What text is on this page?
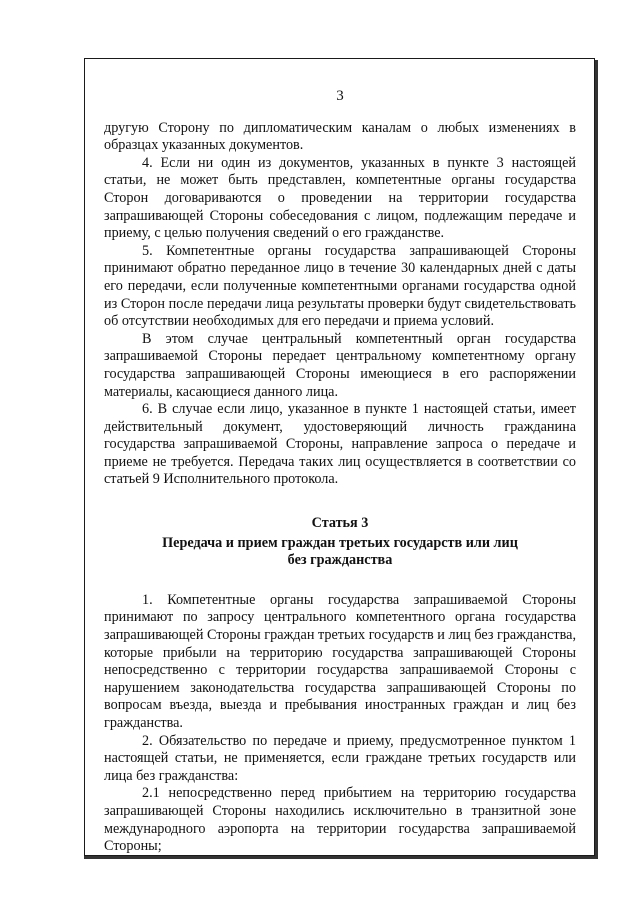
3

другую Сторону по дипломатическим каналам о любых изменениях в образцах указанных документов.

4. Если ни один из документов, указанных в пункте 3 настоящей статьи, не может быть представлен, компетентные органы государства Сторон договариваются о проведении на территории государства запрашивающей Стороны собеседования с лицом, подлежащим передаче и приему, с целью получения сведений о его гражданстве.

5. Компетентные органы государства запрашивающей Стороны принимают обратно переданное лицо в течение 30 календарных дней с даты его передачи, если полученные компетентными органами государства одной из Сторон после передачи лица результаты проверки будут свидетельствовать об отсутствии необходимых для его передачи и приема условий.

В этом случае центральный компетентный орган государства запрашиваемой Стороны передает центральному компетентному органу государства запрашивающей Стороны имеющиеся в его распоряжении материалы, касающиеся данного лица.

6. В случае если лицо, указанное в пункте 1 настоящей статьи, имеет действительный документ, удостоверяющий личность гражданина государства запрашиваемой Стороны, направление запроса о передаче и приеме не требуется. Передача таких лиц осуществляется в соответствии со статьей 9 Исполнительного протокола.

Статья 3
Передача и прием граждан третьих государств или лиц без гражданства

1. Компетентные органы государства запрашиваемой Стороны принимают по запросу центрального компетентного органа государства запрашивающей Стороны граждан третьих государств и лиц без гражданства, которые прибыли на территорию государства запрашивающей Стороны непосредственно с территории государства запрашиваемой Стороны с нарушением законодательства государства запрашивающей Стороны по вопросам въезда, выезда и пребывания иностранных граждан и лиц без гражданства.

2. Обязательство по передаче и приему, предусмотренное пунктом 1 настоящей статьи, не применяется, если граждане третьих государств или лица без гражданства:

2.1 непосредственно перед прибытием на территорию государства запрашивающей Стороны находились исключительно в транзитной зоне международного аэропорта на территории государства запрашиваемой Стороны;
